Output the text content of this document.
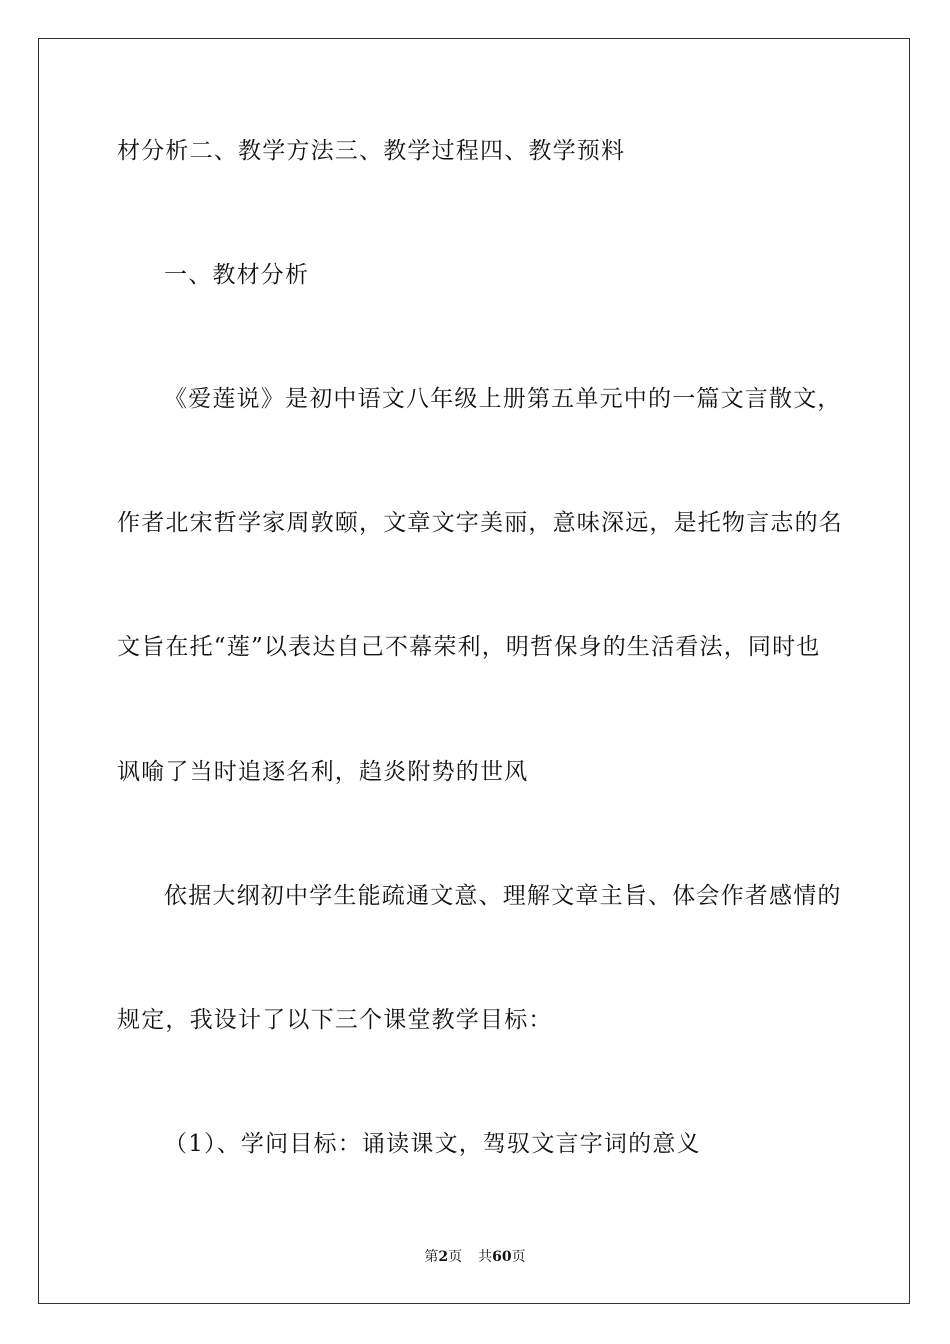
材分析二、教学方法三、教学过程四、教学预料
一、教材分析
《爱莲说》是初中语文八年级上册第五单元中的一篇文言散文，
作者北宋哲学家周敦颐，文章文字美丽，意味深远，是托物言志的名
文旨在托“莲”以表达自己不幕荣利，明哲保身的生活看法，同时也
讽喻了当时追逐名利，趋炎附势的世风
依据大纲初中学生能疏通文意、理解文章主旨、体会作者感情的
规定，我设计了以下三个课堂教学目标：
（1）、学问目标：诵读课文，驾驭文言字词的意义
第2页 共60页
